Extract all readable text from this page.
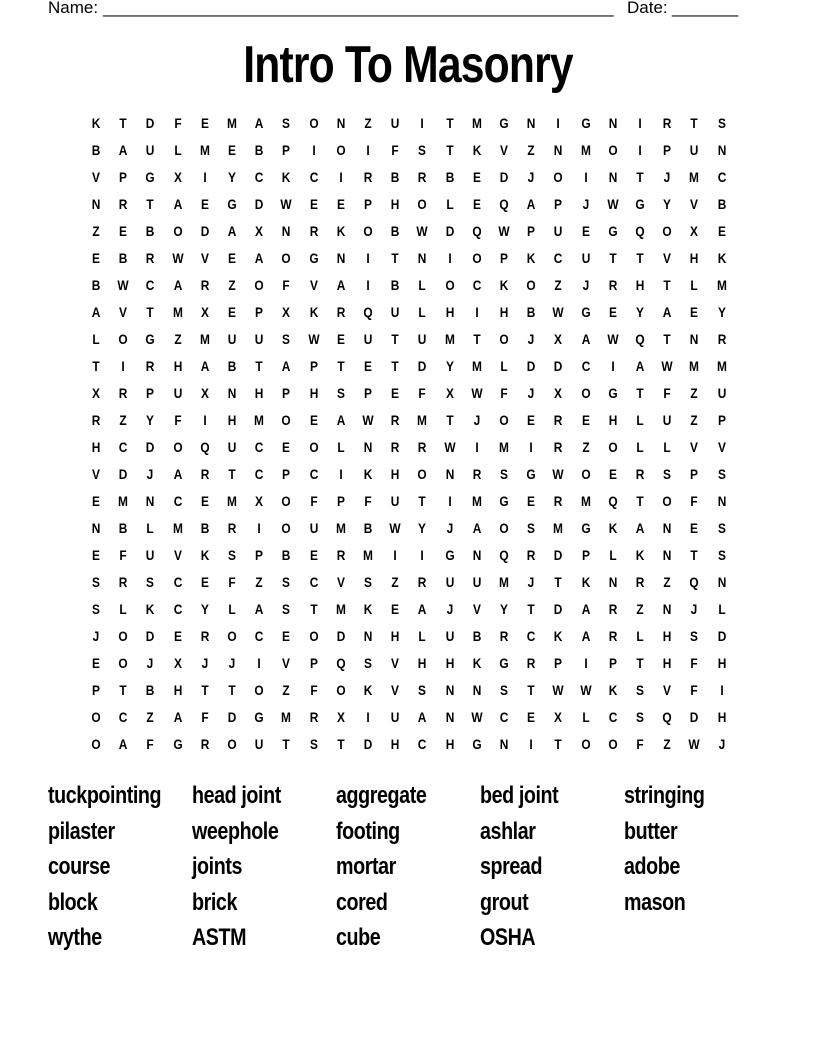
Name: ______________________________________________________ Date: _______
Intro To Masonry
K	T	D	F	E	M	A	S	O	N	Z	U	I	T	M	G	N	I	G	N	I	R	T	S
B	A	U	L	M	E	B	P	I	O	I	F	S	T	K	V	Z	N	M	O	I	P	U	N
V	P	G	X	I	Y	C	K	C	I	R	B	R	B	E	D	J	O	I	N	T	J	M	C
N	R	T	A	E	G	D	W	E	E	P	H	O	L	E	Q	A	P	J	W	G	Y	V	B
Z	E	B	O	D	A	X	N	R	K	O	B	W	D	Q	W	P	U	E	G	Q	O	X	E
E	B	R	W	V	E	A	O	G	N	I	T	N	I	O	P	K	C	U	T	T	V	H	K
B	W	C	A	R	Z	O	F	V	A	I	B	L	O	C	K	O	Z	J	R	H	T	L	M
A	V	T	M	X	E	P	X	K	R	Q	U	L	H	I	H	B	W	G	E	Y	A	E	Y
L	O	G	Z	M	U	U	S	W	E	U	T	U	M	T	O	J	X	A	W	Q	T	N	R
T	I	R	H	A	B	T	A	P	T	E	T	D	Y	M	L	D	D	C	I	A	W	M	M
X	R	P	U	X	N	H	P	H	S	P	E	F	X	W	F	J	X	O	G	T	F	Z	U
R	Z	Y	F	I	H	M	O	E	A	W	R	M	T	J	O	E	R	E	H	L	U	Z	P
H	C	D	O	Q	U	C	E	O	L	N	R	R	W	I	M	I	R	Z	O	L	L	V	V
V	D	J	A	R	T	C	P	C	I	K	H	O	N	R	S	G	W	O	E	R	S	P	S
E	M	N	C	E	M	X	O	F	P	F	U	T	I	M	G	E	R	M	Q	T	O	F	N
N	B	L	M	B	R	I	O	U	M	B	W	Y	J	A	O	S	M	G	K	A	N	E	S
E	F	U	V	K	S	P	B	E	R	M	I	I	G	N	Q	R	D	P	L	K	N	T	S
S	R	S	C	E	F	Z	S	C	V	S	Z	R	U	U	M	J	T	K	N	R	Z	Q	N
S	L	K	C	Y	L	A	S	T	M	K	E	A	J	V	Y	T	D	A	R	Z	N	J	L
J	O	D	E	R	O	C	E	O	D	N	H	L	U	B	R	C	K	A	R	L	H	S	D
E	O	J	X	J	J	I	V	P	Q	S	V	H	H	K	G	R	P	I	P	T	H	F	H
P	T	B	H	T	T	O	Z	F	O	K	V	S	N	N	S	T	W	W	K	S	V	F	I
O	C	Z	A	F	D	G	M	R	X	I	U	A	N	W	C	E	X	L	C	S	Q	D	H
O	A	F	G	R	O	U	T	S	T	D	H	C	H	G	N	I	T	O	O	F	Z	W	J
tuckpointing
pilaster
course
block
wythe
head joint
weephole
joints
brick
ASTM
aggregate
footing
mortar
cored
cube
bed joint
ashlar
spread
grout
OSHA
stringing
butter
adobe
mason
